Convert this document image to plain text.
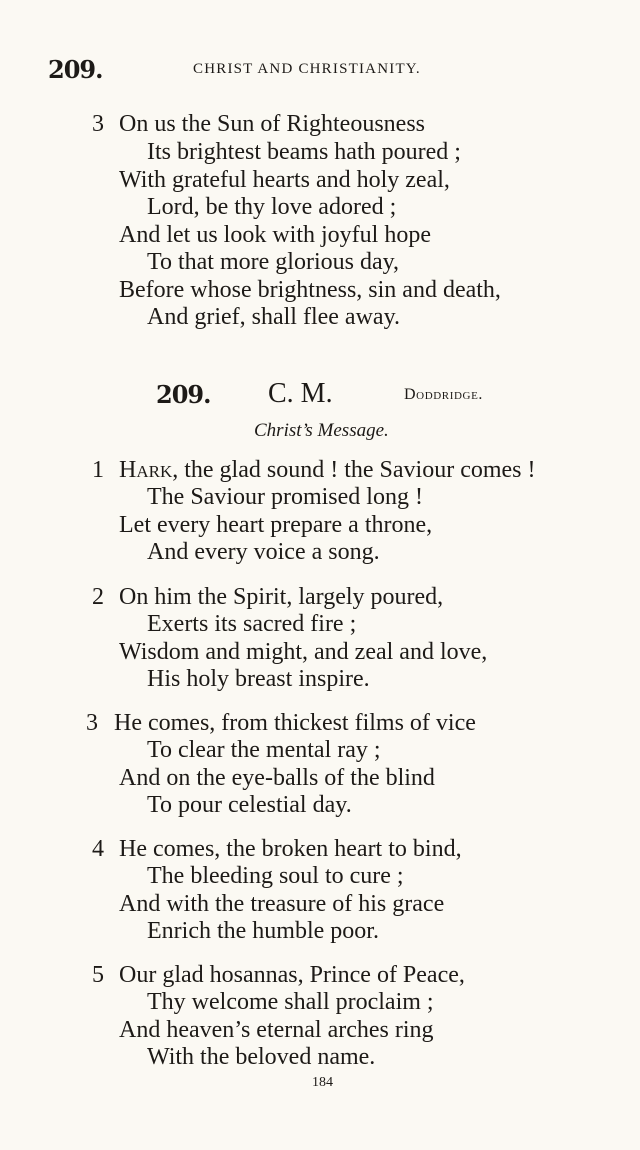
209.	CHRIST AND CHRISTIANITY.
3 On us the Sun of Righteousness
Its brightest beams hath poured ;
With grateful hearts and holy zeal,
Lord, be thy love adored ;
And let us look with joyful hope
To that more glorious day,
Before whose brightness, sin and death,
And grief, shall flee away.
209. C. M.	Doddridge.
Christ’s Message.
1 Hark, the glad sound ! the Saviour comes !
The Saviour promised long !
Let every heart prepare a throne,
And every voice a song.
2 On him the Spirit, largely poured,
Exerts its sacred fire ;
Wisdom and might, and zeal and love,
His holy breast inspire.
3 He comes, from thickest films of vice
To clear the mental ray ;
And on the eye-balls of the blind
To pour celestial day.
4 He comes, the broken heart to bind,
The bleeding soul to cure ;
And with the treasure of his grace
Enrich the humble poor.
5 Our glad hosannas, Prince of Peace,
Thy welcome shall proclaim ;
And heaven’s eternal arches ring
With the beloved name.
184
